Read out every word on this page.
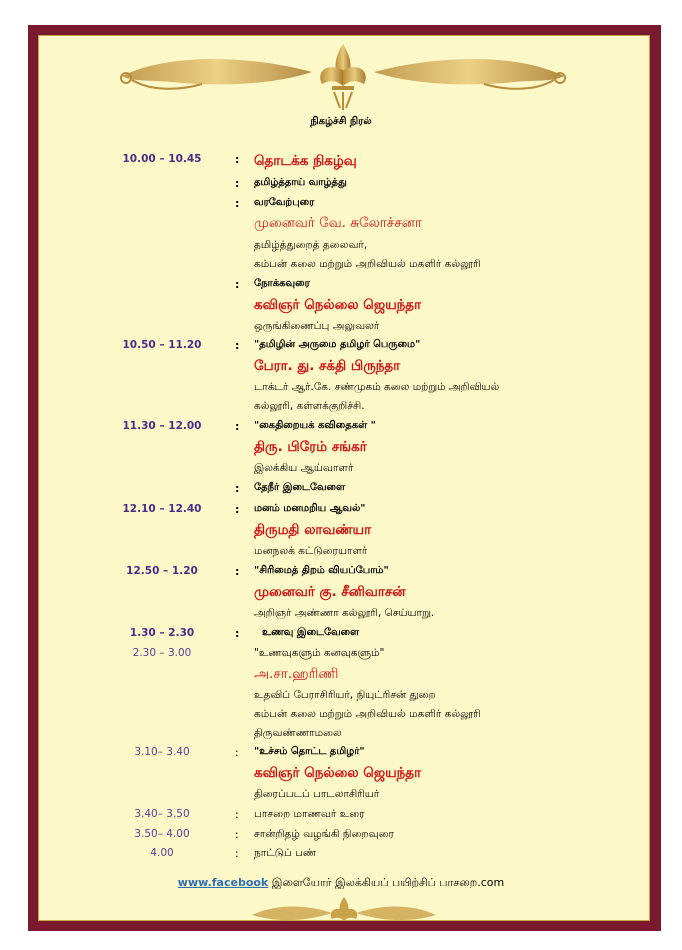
நிகழ்ச்சி நிரல்
10.00 – 10.45	: தொடக்க நிகழ்வு
: தமிழ்த்தாய் வாழ்த்து
: வரவேற்புரை
முனைவர் வே. சுலோச்சனா
தமிழ்த்துறைத் தலைவர்,
கம்பன் கலை மற்றும் அறிவியல் மகளிர் கல்லூரி
: நோக்கவுரை
கவிஞர் நெல்லை ஜெயந்தா
ஒருங்கிணைப்பு அலுவலர்
10.50 – 11.20	: "தமிழின் அருமை தமிழர் பெருமை"
பேரா. து. சக்தி பிருந்தா
டாக்டர் ஆர்.கே. சண்முகம் கலை மற்றும் அறிவியல்
கல்லூரி, கள்ளக்குறிச்சி.
11.30 – 12.00	: "கைதிறையக் கவிதைகள் "
திரு. பிரேம் சங்கர்
இலக்கிய ஆய்வாளர்
: தேநீர் இடைவேளை
12.10 – 12.40	: மனம் மனமறிய ஆவல்"
திருமதி லாவண்யா
மனநலக் கட்டுரையாளர்
12.50 – 1.20	: "சிரிமைத் திறம் வியப்போம்"
முனைவர் கு. சீனிவாசன்
அறிஞர் அண்ணா கல்லூரி, செய்யாறு.
1.30 – 2.30	: உணவு இடைவேளை
2.30 – 3.00	"உணவுகளும் கனவுகளும்"
அ.சா.ஹரிணி
உதவிப் பேராசிரியர், நியுட்ரிசன் துறை
கம்பன் கலை மற்றும் அறிவியல் மகளிர் கல்லூரி
திருவண்ணாமலை
3.10– 3.40	: "உச்சம் தொட்ட தமிழர்"
கவிஞர் நெல்லை ஜெயந்தா
திரைப்படப் பாடலாசிரியர்
3.40– 3.50	: பாசறை மாணவர் உரை
3.50– 4.00	: சான்றிதழ் வழங்கி நிறைவுரை
4.00	: நாட்டுப் பண்
www.facebook இளையோர் இலக்கியப் பயிற்சிப் பாசறை.com
